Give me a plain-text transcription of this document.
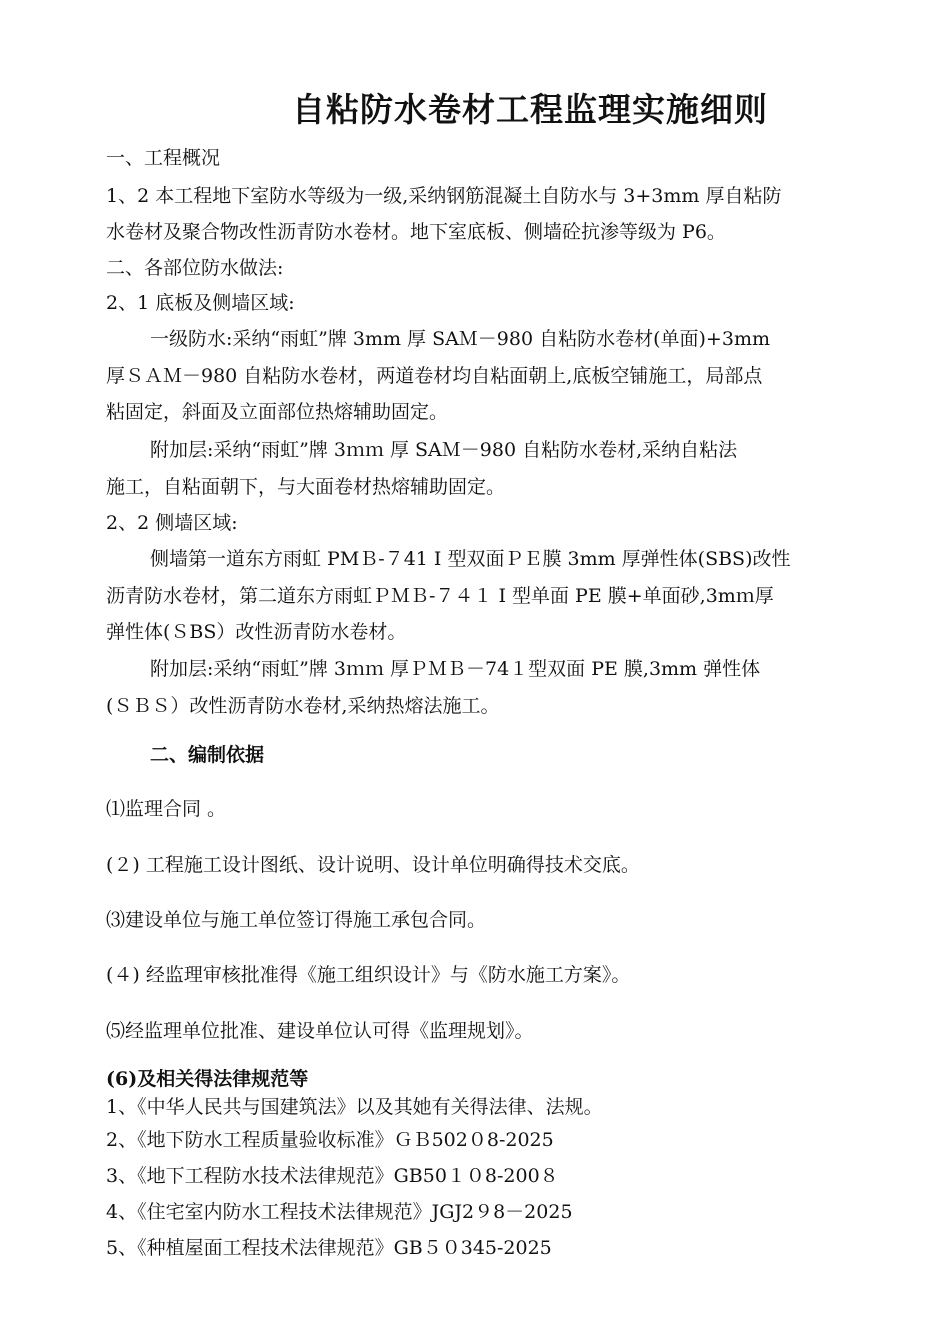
自粘防水卷材工程监理实施细则
一、工程概况
1、2 本工程地下室防水等级为一级,采纳钢筋混凝土自防水与 3+3mm 厚自粘防
水卷材及聚合物改性沥青防水卷材。地下室底板、侧墙砼抗渗等级为 P6。
二、各部位防水做法:
2、1 底板及侧墙区域:
一级防水:采纳“雨虹”牌 3mm 厚 SAＭ－980 自粘防水卷材(单面)+3mm
厚ＳＡＭ－980 自粘防水卷材，两道卷材均自粘面朝上,底板空铺施工，局部点
粘固定，斜面及立面部位热熔辅助固定。
附加层:采纳“雨虹”牌 3ｍｍ 厚 SAＭ－980 自粘防水卷材,采纳自粘法
施工，自粘面朝下，与大面卷材热熔辅助固定。
2、2 侧墙区域:
侧墙第一道东方雨虹 PMＢ-７41 Ⅰ 型双面ＰＥ膜 3mm 厚弹性体(SBS)改性
沥青防水卷材，第二道东方雨虹ＰＭＢ-７４１ Ⅰ 型单面 PE 膜+单面砂,3mｍ厚
弹性体(ＳBS）改性沥青防水卷材。
附加层:采纳“雨虹”牌 3ｍｍ 厚ＰＭＢ－74１型双面 PE 膜,3mm 弹性体
(ＳＢＳ）改性沥青防水卷材,采纳热熔法施工。
二、编制依据
⑴监理合同 。
(２) 工程施工设计图纸、设计说明、设计单位明确得技术交底。
⑶建设单位与施工单位签订得施工承包合同。
(４) 经监理审核批准得《施工组织设计》与《防水施工方案》。
⑸经监理单位批准、建设单位认可得《监理规划》。
(6)及相关得法律规范等
1、《中华人民共与国建筑法》以及其她有关得法律、法规。
2、《地下防水工程质量验收标准》ＧＢ502０8-2025
3、《地下工程防水技术法律规范》GB50１０8-200８
4、《住宅室内防水工程技术法律规范》JGJ2９8－2025
5、《种植屋面工程技术法律规范》GB５０345-2025
